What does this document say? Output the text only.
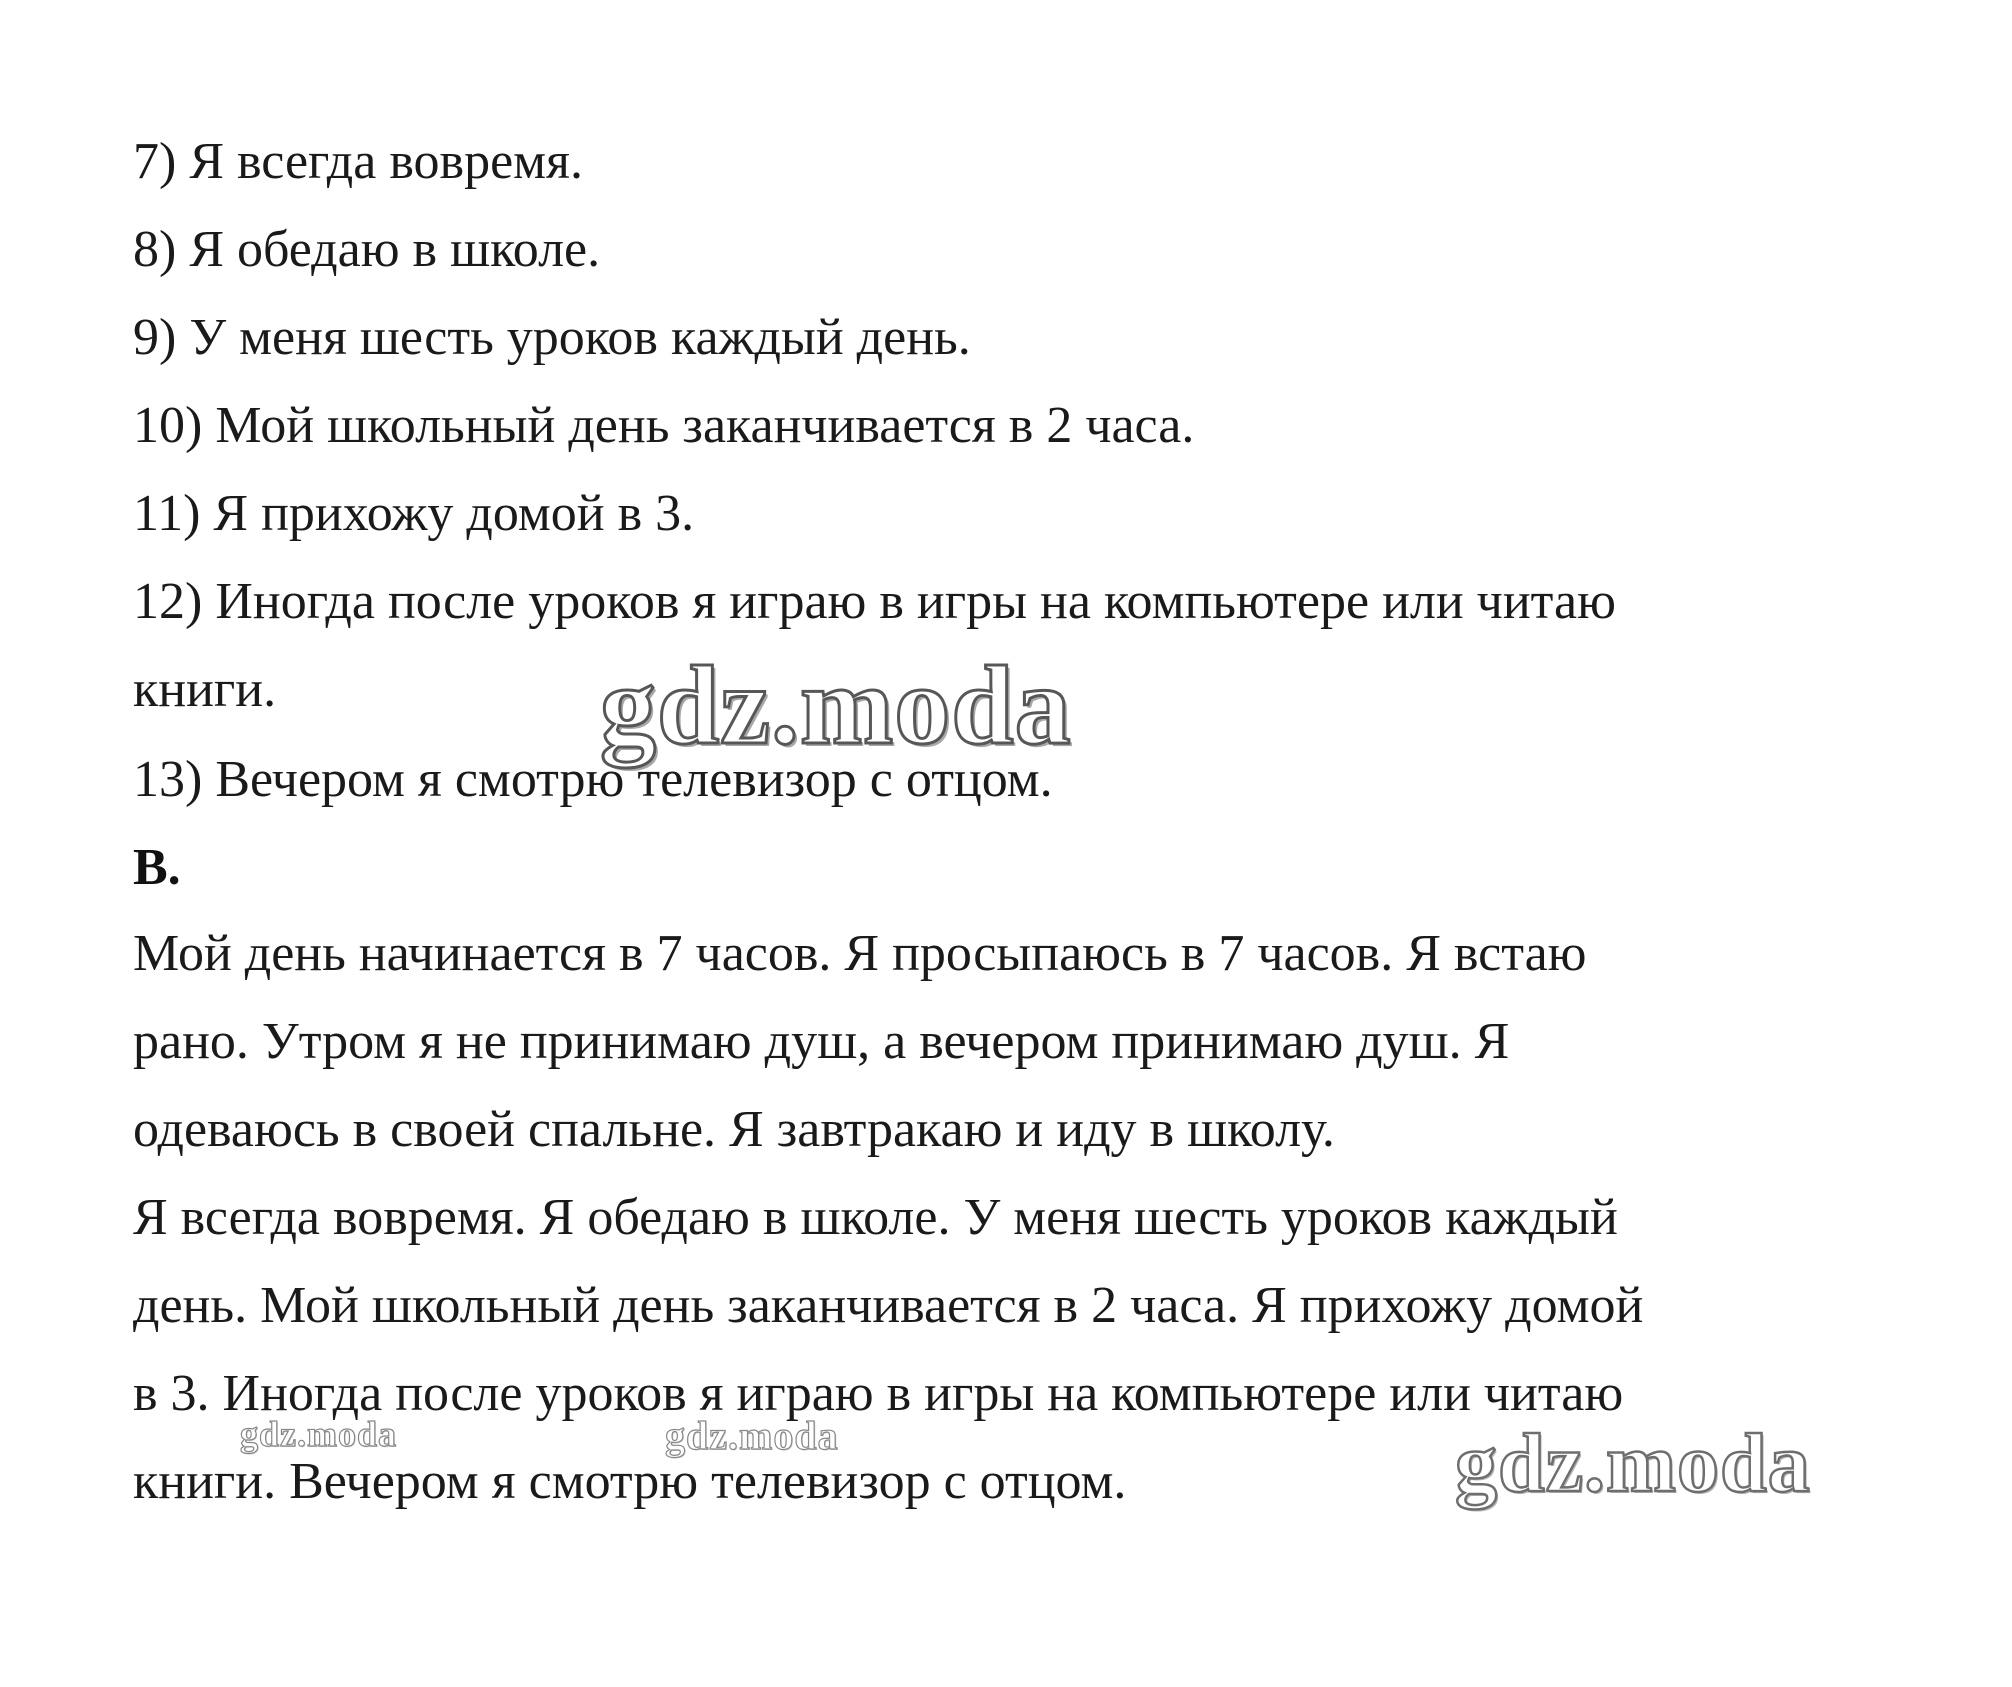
7) Я всегда вовремя.

8) Я обедаю в школе.

9) У меня шесть уроков каждый день.

10) Мой школьный день заканчивается в 2 часа.

11) Я прихожу домой в 3.

12) Иногда после уроков я играю в игры на компьютере или читаю

книги.

13) Вечером я смотрю телевизор с отцом.

B.

Мой день начинается в 7 часов. Я просыпаюсь в 7 часов. Я встаю

рано. Утром я не принимаю душ, а вечером принимаю душ. Я

одеваюсь в своей спальне. Я завтракаю и иду в школу.

Я всегда вовремя. Я обедаю в школе. У меня шесть уроков каждый

день. Мой школьный день заканчивается в 2 часа. Я прихожу домой

в 3. Иногда после уроков я играю в игры на компьютере или читаю

книги. Вечером я смотрю телевизор с отцом.

gdz.moda
gdz.moda	gdz.moda	gdz.moda
